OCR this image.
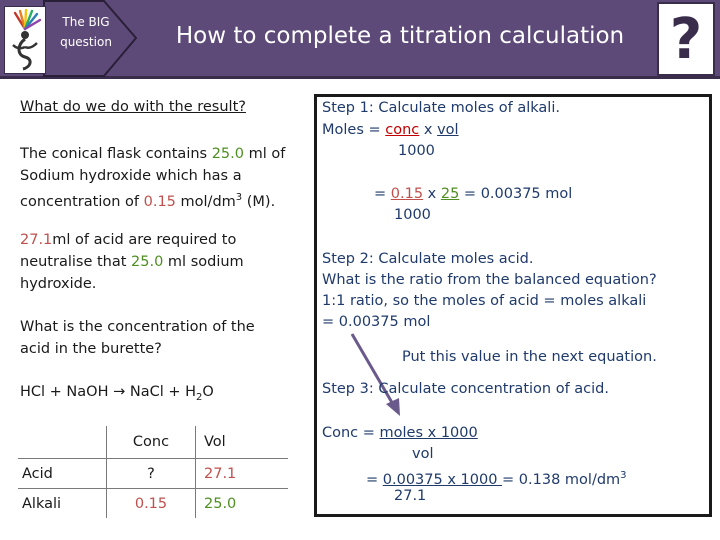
The BIG
question	How to complete a titration calculation ?
What do we do with the result?
The conical flask contains 25.0 ml of Sodium hydroxide which has a concentration of 0.15 mol/$dm^3$ (M).
27.1ml of acid are required to neutralise that 25.0 ml sodium hydroxide.
What is the concentration of the acid in the burette?
HCl + NaOH → NaCl + $H_2O$
	Conc	Vol
Acid	?	27.1
Alkali	0.15	25.0
Step 1: Calculate moles of alkali.
Moles = conc x vol
1000
= 0.15 x 25 = 0.00375 mol
1000
Step 2: Calculate moles acid.
What is the ratio from the balanced equation?
1:1 ratio, so the moles of acid = moles alkali
= 0.00375 mol
Put this value in the next equation.
Step 3: Calculate concentration of acid.
Conc = moles x 1000
vol
= 0.00375 x 1000 = 0.138 mol/$dm^3$
27.1
